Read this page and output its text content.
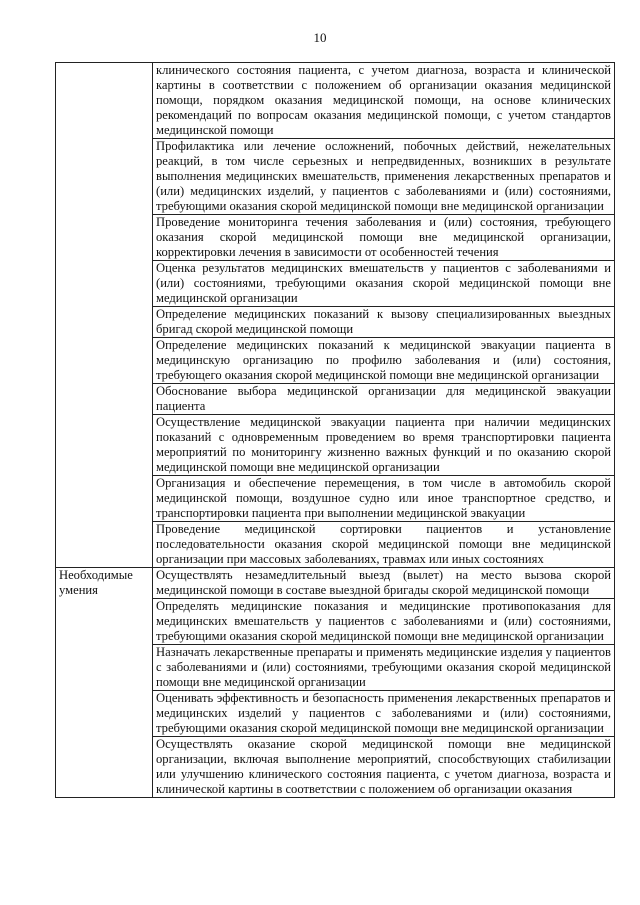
10
	клинического состояния пациента, с учетом диагноза, возраста и клинической картины в соответствии с положением об организации оказания медицинской помощи, порядком оказания медицинской помощи, на основе клинических рекомендаций по вопросам оказания медицинской помощи, с учетом стандартов медицинской помощи
	Профилактика или лечение осложнений, побочных действий, нежелательных реакций, в том числе серьезных и непредвиденных, возникших в результате выполнения медицинских вмешательств, применения лекарственных препаратов и (или) медицинских изделий, у пациентов с заболеваниями и (или) состояниями, требующими оказания скорой медицинской помощи вне медицинской организации
	Проведение мониторинга течения заболевания и (или) состояния, требующего оказания скорой медицинской помощи вне медицинской организации, корректировки лечения в зависимости от особенностей течения
	Оценка результатов медицинских вмешательств у пациентов с заболеваниями и (или) состояниями, требующими оказания скорой медицинской помощи вне медицинской организации
	Определение медицинских показаний к вызову специализированных выездных бригад скорой медицинской помощи
	Определение медицинских показаний к медицинской эвакуации пациента в медицинскую организацию по профилю заболевания и (или) состояния, требующего оказания скорой медицинской помощи вне медицинской организации
	Обоснование выбора медицинской организации для медицинской эвакуации пациента
	Осуществление медицинской эвакуации пациента при наличии медицинских показаний с одновременным проведением во время транспортировки пациента мероприятий по мониторингу жизненно важных функций и по оказанию скорой медицинской помощи вне медицинской организации
	Организация и обеспечение перемещения, в том числе в автомобиль скорой медицинской помощи, воздушное судно или иное транспортное средство, и транспортировки пациента при выполнении медицинской эвакуации
	Проведение медицинской сортировки пациентов и установление последовательности оказания скорой медицинской помощи вне медицинской организации при массовых заболеваниях, травмах или иных состояниях
Необходимые умения	Осуществлять незамедлительный выезд (вылет) на место вызова скорой медицинской помощи в составе выездной бригады скорой медицинской помощи
	Определять медицинские показания и медицинские противопоказания для медицинских вмешательств у пациентов с заболеваниями и (или) состояниями, требующими оказания скорой медицинской помощи вне медицинской организации
	Назначать лекарственные препараты и применять медицинские изделия у пациентов с заболеваниями и (или) состояниями, требующими оказания скорой медицинской помощи вне медицинской организации
	Оценивать эффективность и безопасность применения лекарственных препаратов и медицинских изделий у пациентов с заболеваниями и (или) состояниями, требующими оказания скорой медицинской помощи вне медицинской организации
	Осуществлять оказание скорой медицинской помощи вне медицинской организации, включая выполнение мероприятий, способствующих стабилизации или улучшению клинического состояния пациента, с учетом диагноза, возраста и клинической картины в соответствии с положением об организации оказания
